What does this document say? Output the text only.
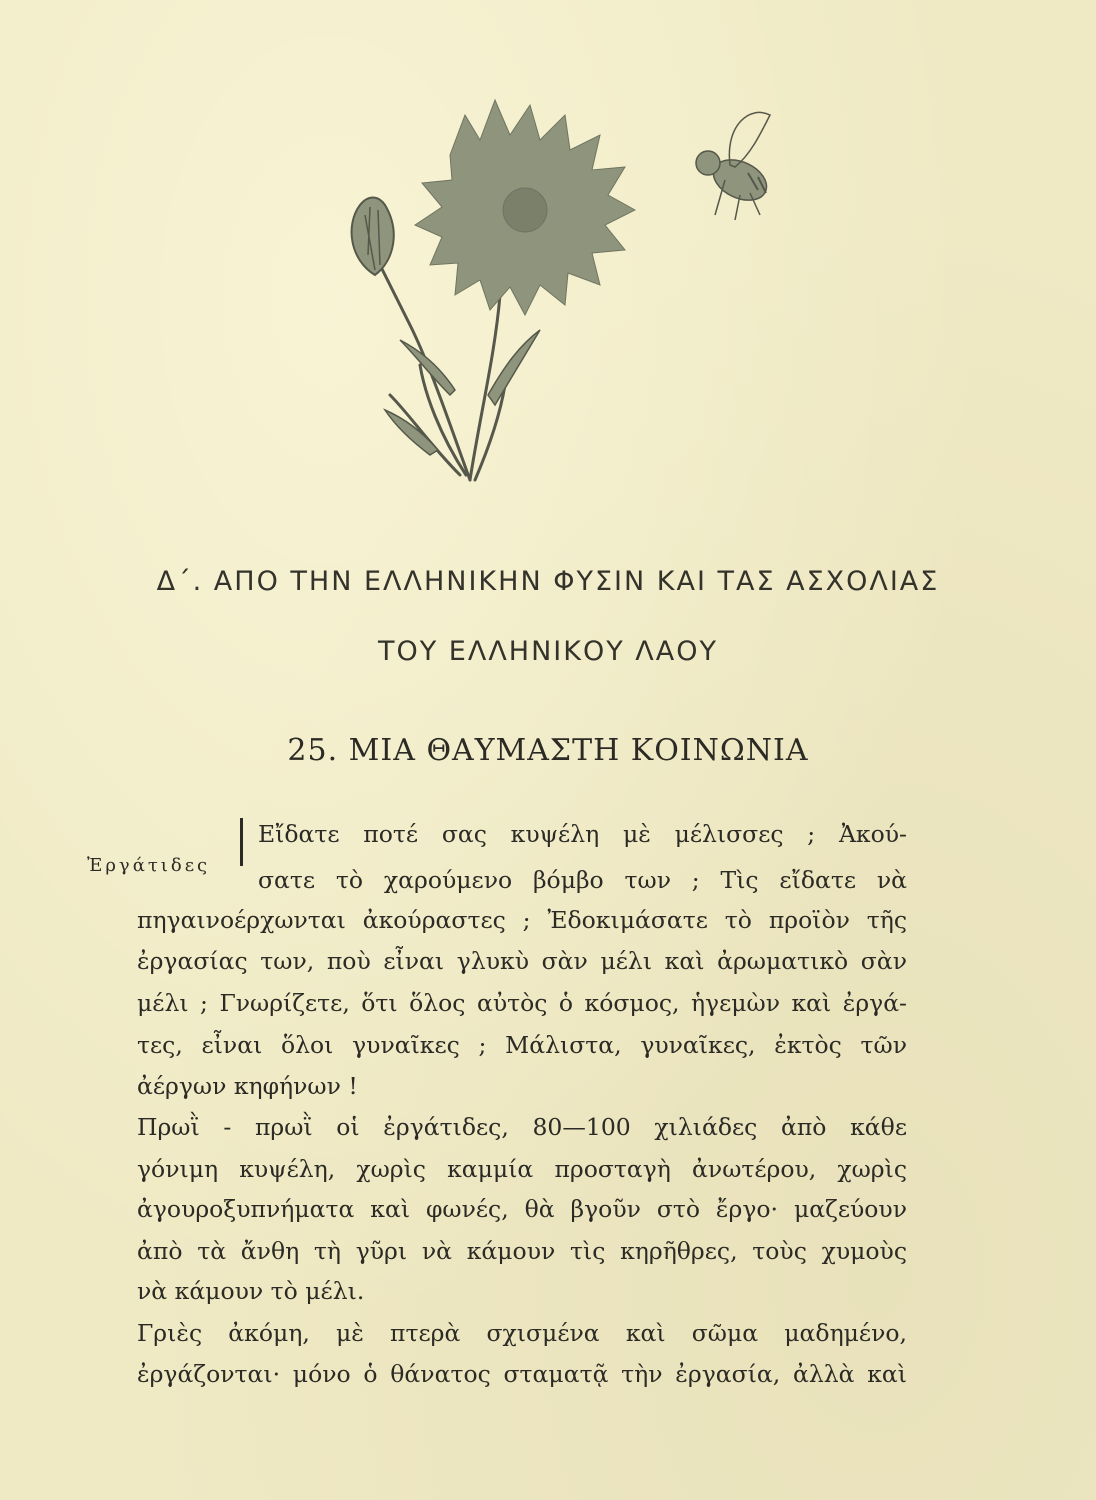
Δ΄. ΑΠΟ ΤΗΝ ΕΛΛΗΝΙΚΗΝ ΦΥΣΙΝ ΚΑΙ ΤΑΣ ΑΣΧΟΛΙΑΣ
ΤΟΥ ΕΛΛΗΝΙΚΟΥ ΛΑΟΥ
25. ΜΙΑ ΘΑΥΜΑΣΤΗ ΚΟΙΝΩΝΙΑ
Ἐργάτιδες
Εἴδατε ποτέ σας κυψέλη μὲ μέλισσες ; Ἀκού-
σατε τὸ χαρούμενο βόμβο των ; Τὶς εἴδατε νὰ
πηγαινοέρχωνται ἀκούραστες ; Ἐδοκιμάσατε τὸ προϊὸν τῆς
ἐργασίας των, ποὺ εἶναι γλυκὺ σὰν μέλι καὶ ἀρωματικὸ σὰν
μέλι ; Γνωρίζετε, ὅτι ὅλος αὐτὸς ὁ κόσμος, ἡγεμὼν καὶ ἐργά-
τες, εἶναι ὅλοι γυναῖκες ; Μάλιστα, γυναῖκες, ἐκτὸς τῶν
ἀέργων κηφήνων !
Πρωῒ - πρωῒ οἱ ἐργάτιδες, 80—100 χιλιάδες ἀπὸ κάθε
γόνιμη κυψέλη, χωρὶς καμμία προσταγὴ ἀνωτέρου, χωρὶς
ἀγουροξυπνήματα καὶ φωνές, θὰ βγοῦν στὸ ἔργο· μαζεύουν
ἀπὸ τὰ ἄνθη τὴ γῦρι νὰ κάμουν τὶς κηρῆθρες, τοὺς χυμοὺς
νὰ κάμουν τὸ μέλι.
Γριὲς ἀκόμη, μὲ πτερὰ σχισμένα καὶ σῶμα μαδημένο,
ἐργάζονται· μόνο ὁ θάνατος σταματᾷ τὴν ἐργασία, ἀλλὰ καὶ
